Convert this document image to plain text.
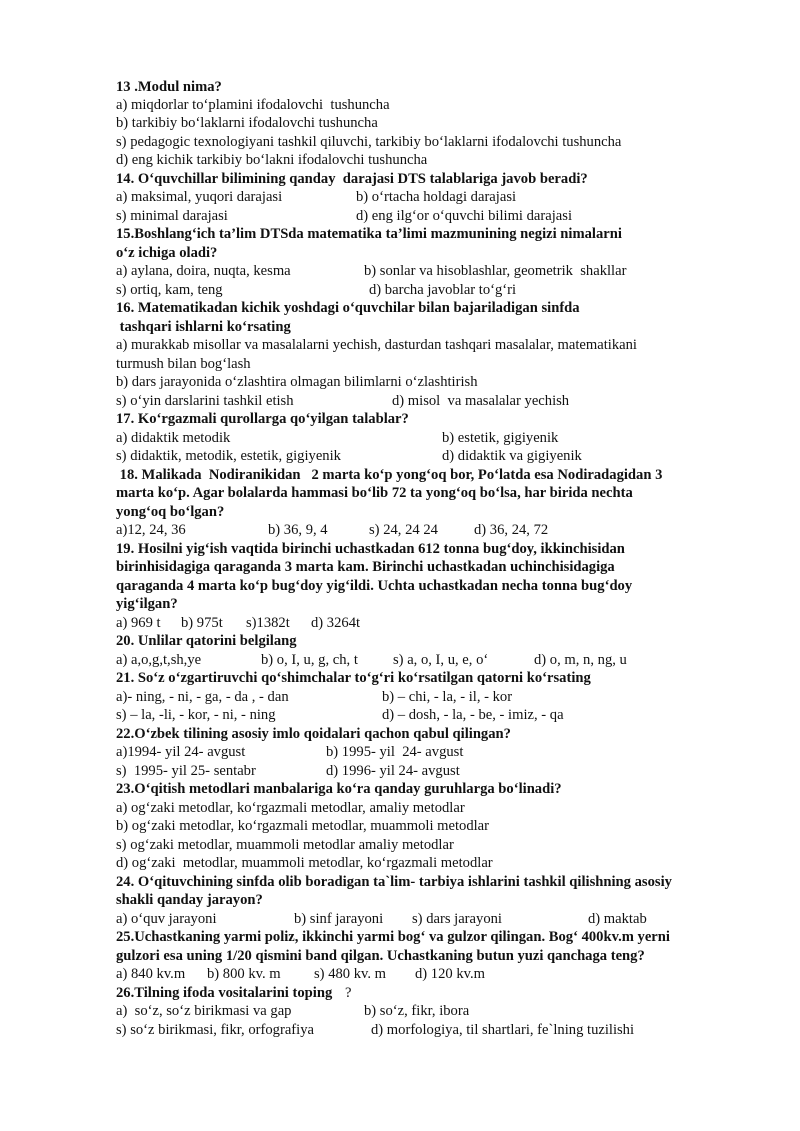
13 .Modul nima?
a) miqdorlar to‘plamini ifodalovchi  tushuncha
b) tarkibiy bo‘laklarni ifodalovchi tushuncha
s) pedagogic texnologiyani tashkil qiluvchi, tarkibiy bo‘laklarni ifodalovchi tushuncha
d) eng kichik tarkibiy bo‘lakni ifodalovchi tushuncha
14. O‘quvchillar bilimining qanday  darajasi DTS talablariga javob beradi?
a) maksimal, yuqori darajasi	b) o‘rtacha holdagi darajasi
s) minimal darajasi	d) eng ilg‘or o‘quvchi bilimi darajasi
15.Boshlang‘ich ta’lim DTSda matematika ta’limi mazmunining negizi nimalarni
o‘z ichiga oladi?
a) aylana, doira, nuqta, kesma	b) sonlar va hisoblashlar, geometrik  shakllar
s) ortiq, kam, teng	d) barcha javoblar to‘g‘ri
16. Matematikadan kichik yoshdagi o‘quvchilar bilan bajariladigan sinfda
tashqari ishlarni ko‘rsating
a) murakkab misollar va masalalarni yechish, dasturdan tashqari masalalar, matematikani
turmush bilan bog‘lash
b) dars jarayonida o‘zlashtira olmagan bilimlarni o‘zlashtirish
s) o‘yin darslarini tashkil etish	d) misol  va masalalar yechish
17. Ko‘rgazmali qurollarga qo‘yilgan talablar?
a) didaktik metodik	b) estetik, gigiyenik
s) didaktik, metodik, estetik, gigiyenik	d) didaktik va gigiyenik
18. Malikada  Nodiranikidan   2 marta ko‘p yong‘oq bor, Po‘latda esa Nodiradagidan 3
marta ko‘p. Agar bolalarda hammasi bo‘lib 72 ta yong‘oq bo‘lsa, har birida nechta
yong‘oq bo‘lgan?
a)12, 24, 36	b) 36, 9, 4	s) 24, 24 24 d) 36, 24, 72
19. Hosilni yig‘ish vaqtida birinchi uchastkadan 612 tonna bug‘doy, ikkinchisidan
birinhisidagiga qaraganda 3 marta kam. Birinchi uchastkadan uchinchisidagiga
qaraganda 4 marta ko‘p bug‘doy yig‘ildi. Uchta uchastkadan necha tonna bug‘doy
yig‘ilgan?
a) 969 t b) 975t s)1382t d) 3264t
20. Unlilar qatorini belgilang
a) a,o,g,t,sh,ye	b) o, I, u, g, ch, t s) a, o, I, u, e, o‘	d) o, m, n, ng, u
21. So‘z o‘zgartiruvchi qo‘shimchalar to‘g‘ri ko‘rsatilgan qatorni ko‘rsating
a)- ning, - ni, - ga, - da , - dan	b) – chi, - la, - il, - kor
s) – la, -li, - kor, - ni, - ning	d) – dosh, - la, - be, - imiz, - qa
22.O‘zbek tilining asosiy imlo qoidalari qachon qabul qilingan?
a)1994- yil 24- avgust	b) 1995- yil  24- avgust
s)  1995- yil 25- sentabr	d) 1996- yil 24- avgust
23.O‘qitish metodlari manbalariga ko‘ra qanday guruhlarga bo‘linadi?
a) og‘zaki metodlar, ko‘rgazmali metodlar, amaliy metodlar
b) og‘zaki metodlar, ko‘rgazmali metodlar, muammoli metodlar
s) og‘zaki metodlar, muammoli metodlar amaliy metodlar
d) og‘zaki  metodlar, muammoli metodlar, ko‘rgazmali metodlar
24. O‘qituvchining sinfda olib boradigan ta`lim- tarbiya ishlarini tashkil qilishning asosiy
shakli qanday jarayon?
a) o‘quv jarayoni	b) sinf jarayoni s) dars jarayoni	d) maktab
25.Uchastkaning yarmi poliz, ikkinchi yarmi bog‘ va gulzor qilingan. Bog‘ 400kv.m yerni
gulzori esa uning 1/20 qismini band qilgan. Uchastkaning butun yuzi qanchaga teng?
a) 840 kv.m b) 800 kv. m s) 480 kv. m d) 120 kv.m
26.Tilning ifoda vositalarini toping ?
a)  so‘z, so‘z birikmasi va gap	b) so‘z, fikr, ibora
s) so‘z birikmasi, fikr, orfografiya	d) morfologiya, til shartlari, fe`lning tuzilishi
